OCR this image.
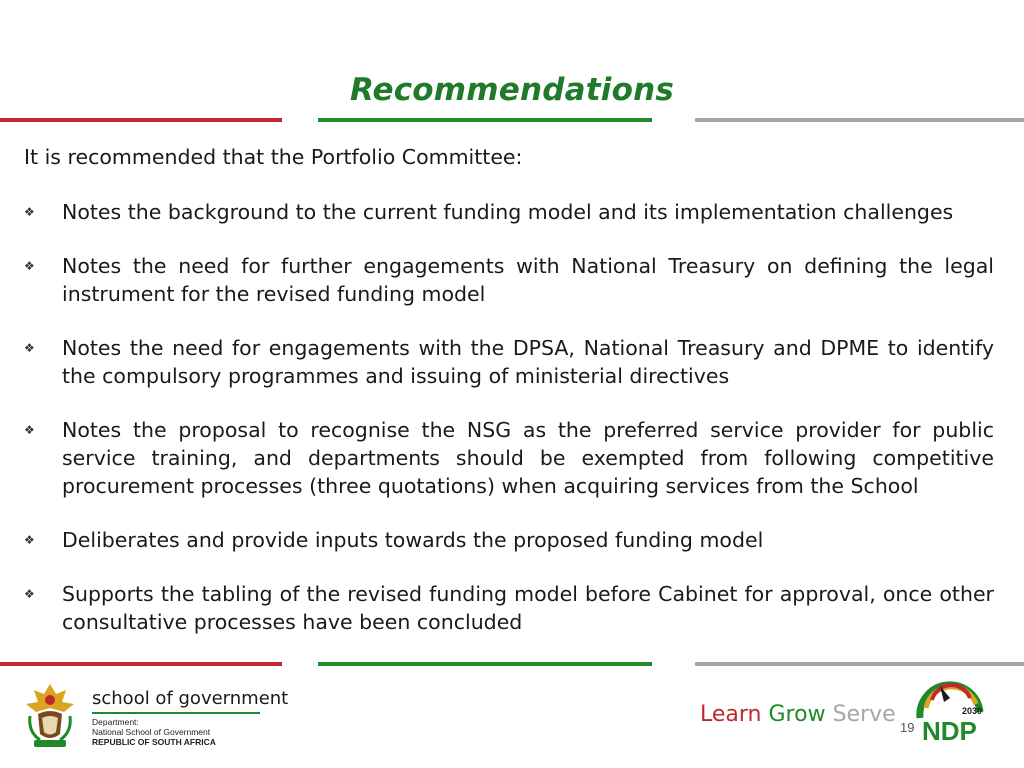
Recommendations

It is recommended that the Portfolio Committee:

❖ Notes the background to the current funding model and its implementation challenges
❖ Notes the need for further engagements with National Treasury on defining the legal instrument for the revised funding model
❖ Notes the need for engagements with the DPSA, National Treasury and DPME to identify the compulsory programmes and issuing of ministerial directives
❖ Notes the proposal to recognise the NSG as the preferred service provider for public service training, and departments should be exempted from following competitive procurement processes (three quotations) when acquiring services from the School
❖ Deliberates and provide inputs towards the proposed funding model
❖ Supports the tabling of the revised funding model before Cabinet for approval, once other consultative processes have been concluded
school of government
Department:
National School of Government
REPUBLIC OF SOUTH AFRICA
Learn Grow Serve	2030
NDP
19
